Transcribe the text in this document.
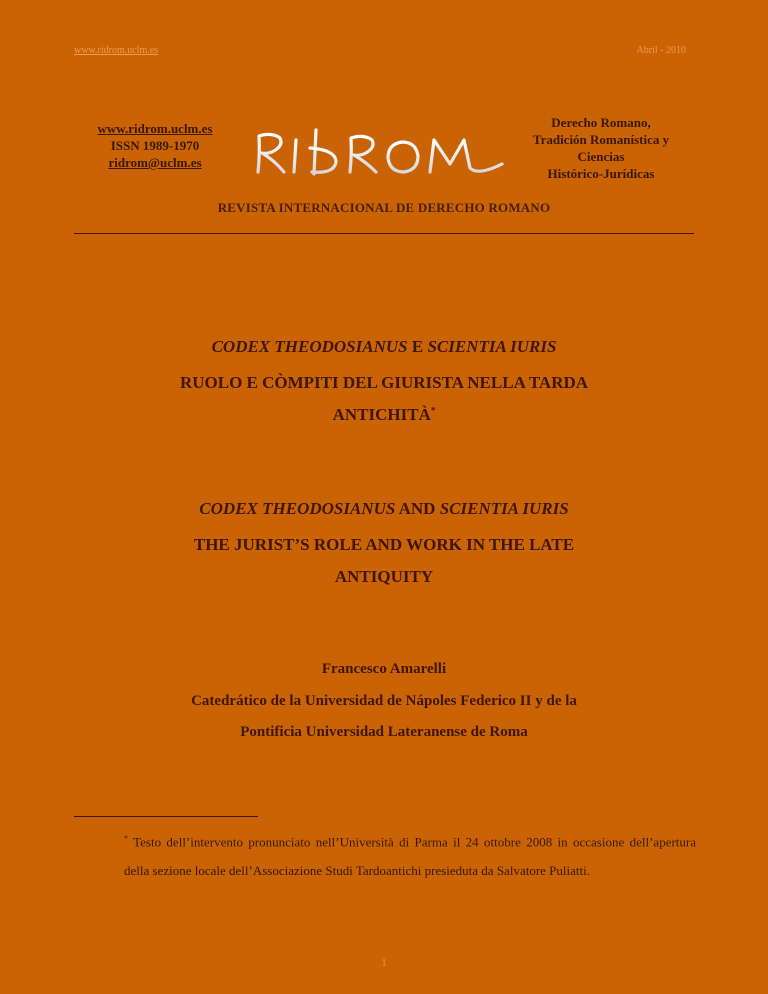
www.ridrom.uclm.es	Abril - 2010
www.ridrom.uclm.es
ISSN 1989-1970
ridrom@uclm.es
RIDROM	Derecho Romano,
Tradición Romanística y
Ciencias
Histórico-Jurídicas
REVISTA INTERNACIONAL DE DERECHO ROMANO
CODEX THEODOSIANUS E SCIENTIA IURIS
RUOLO E CÒMPITI DEL GIURISTA NELLA TARDA
ANTICHITÀ*
CODEX THEODOSIANUS AND SCIENTIA IURIS
THE JURIST’S ROLE AND WORK IN THE LATE
ANTIQUITY
Francesco Amarelli
Catedrático de la Universidad de Nápoles Federico II y de la
Pontificia Universidad Lateranense de Roma
* Testo dell’intervento pronunciato nell’Università di Parma il 24 ottobre 2008 in occasione dell’apertura della sezione locale dell’Associazione Studi Tardoantichi presieduta da Salvatore Puliatti.
1
